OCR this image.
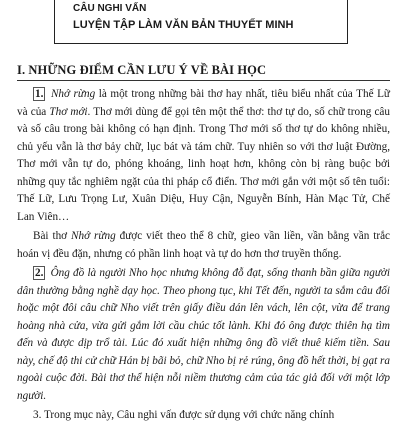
CÂU NGHI VẤN
LUYỆN TẬP LÀM VĂN BẢN THUYẾT MINH
I. NHỮNG ĐIỂM CẦN LƯU Ý VỀ BÀI HỌC

1. Nhớ rừng là một trong những bài thơ hay nhất, tiêu biểu nhất của Thế Lữ và của Thơ mới. Thơ mới dùng để gọi tên một thể thơ: thơ tự do, số chữ trong câu và số câu trong bài không có hạn định. Trong Thơ mới số thơ tự do không nhiều, chủ yếu vẫn là thơ bảy chữ, lục bát và tám chữ. Tuy nhiên so với thơ luật Đường, Thơ mới vẫn tự do, phóng khoáng, linh hoạt hơn, không còn bị ràng buộc bởi những quy tắc nghiêm ngặt của thi pháp cổ điển. Thơ mới gắn với một số tên tuổi: Thế Lữ, Lưu Trọng Lư, Xuân Diệu, Huy Cận, Nguyễn Bính, Hàn Mạc Tử, Chế Lan Viên…

Bài thơ Nhớ rừng được viết theo thể 8 chữ, gieo vần liền, vần bằng vần trắc hoán vị đều đặn, nhưng có phần linh hoạt và tự do hơn thơ truyền thống.

2. Ông đồ là người Nho học nhưng không đỗ đạt, sống thanh bần giữa người dân thường bằng nghề dạy học. Theo phong tục, khi Tết đến, người ta sắm câu đối hoặc một đôi câu chữ Nho viết trên giấy điều dán lên vách, lên cột, vừa để trang hoàng nhà cửa, vừa gửi gắm lời cầu chúc tốt lành. Khi đó ông được thiên hạ tìm đến và được dịp trổ tài. Lúc đó xuất hiện những ông đồ viết thuê kiếm tiền. Sau này, chế độ thi cử chữ Hán bị bãi bỏ, chữ Nho bị rẻ rúng, ông đồ hết thời, bị gạt ra ngoài cuộc đời. Bài thơ thể hiện nỗi niềm thương cảm của tác giả đối với một lớp người.

3. Trong mục này, Câu nghi vấn được sử dụng với chức năng chính
